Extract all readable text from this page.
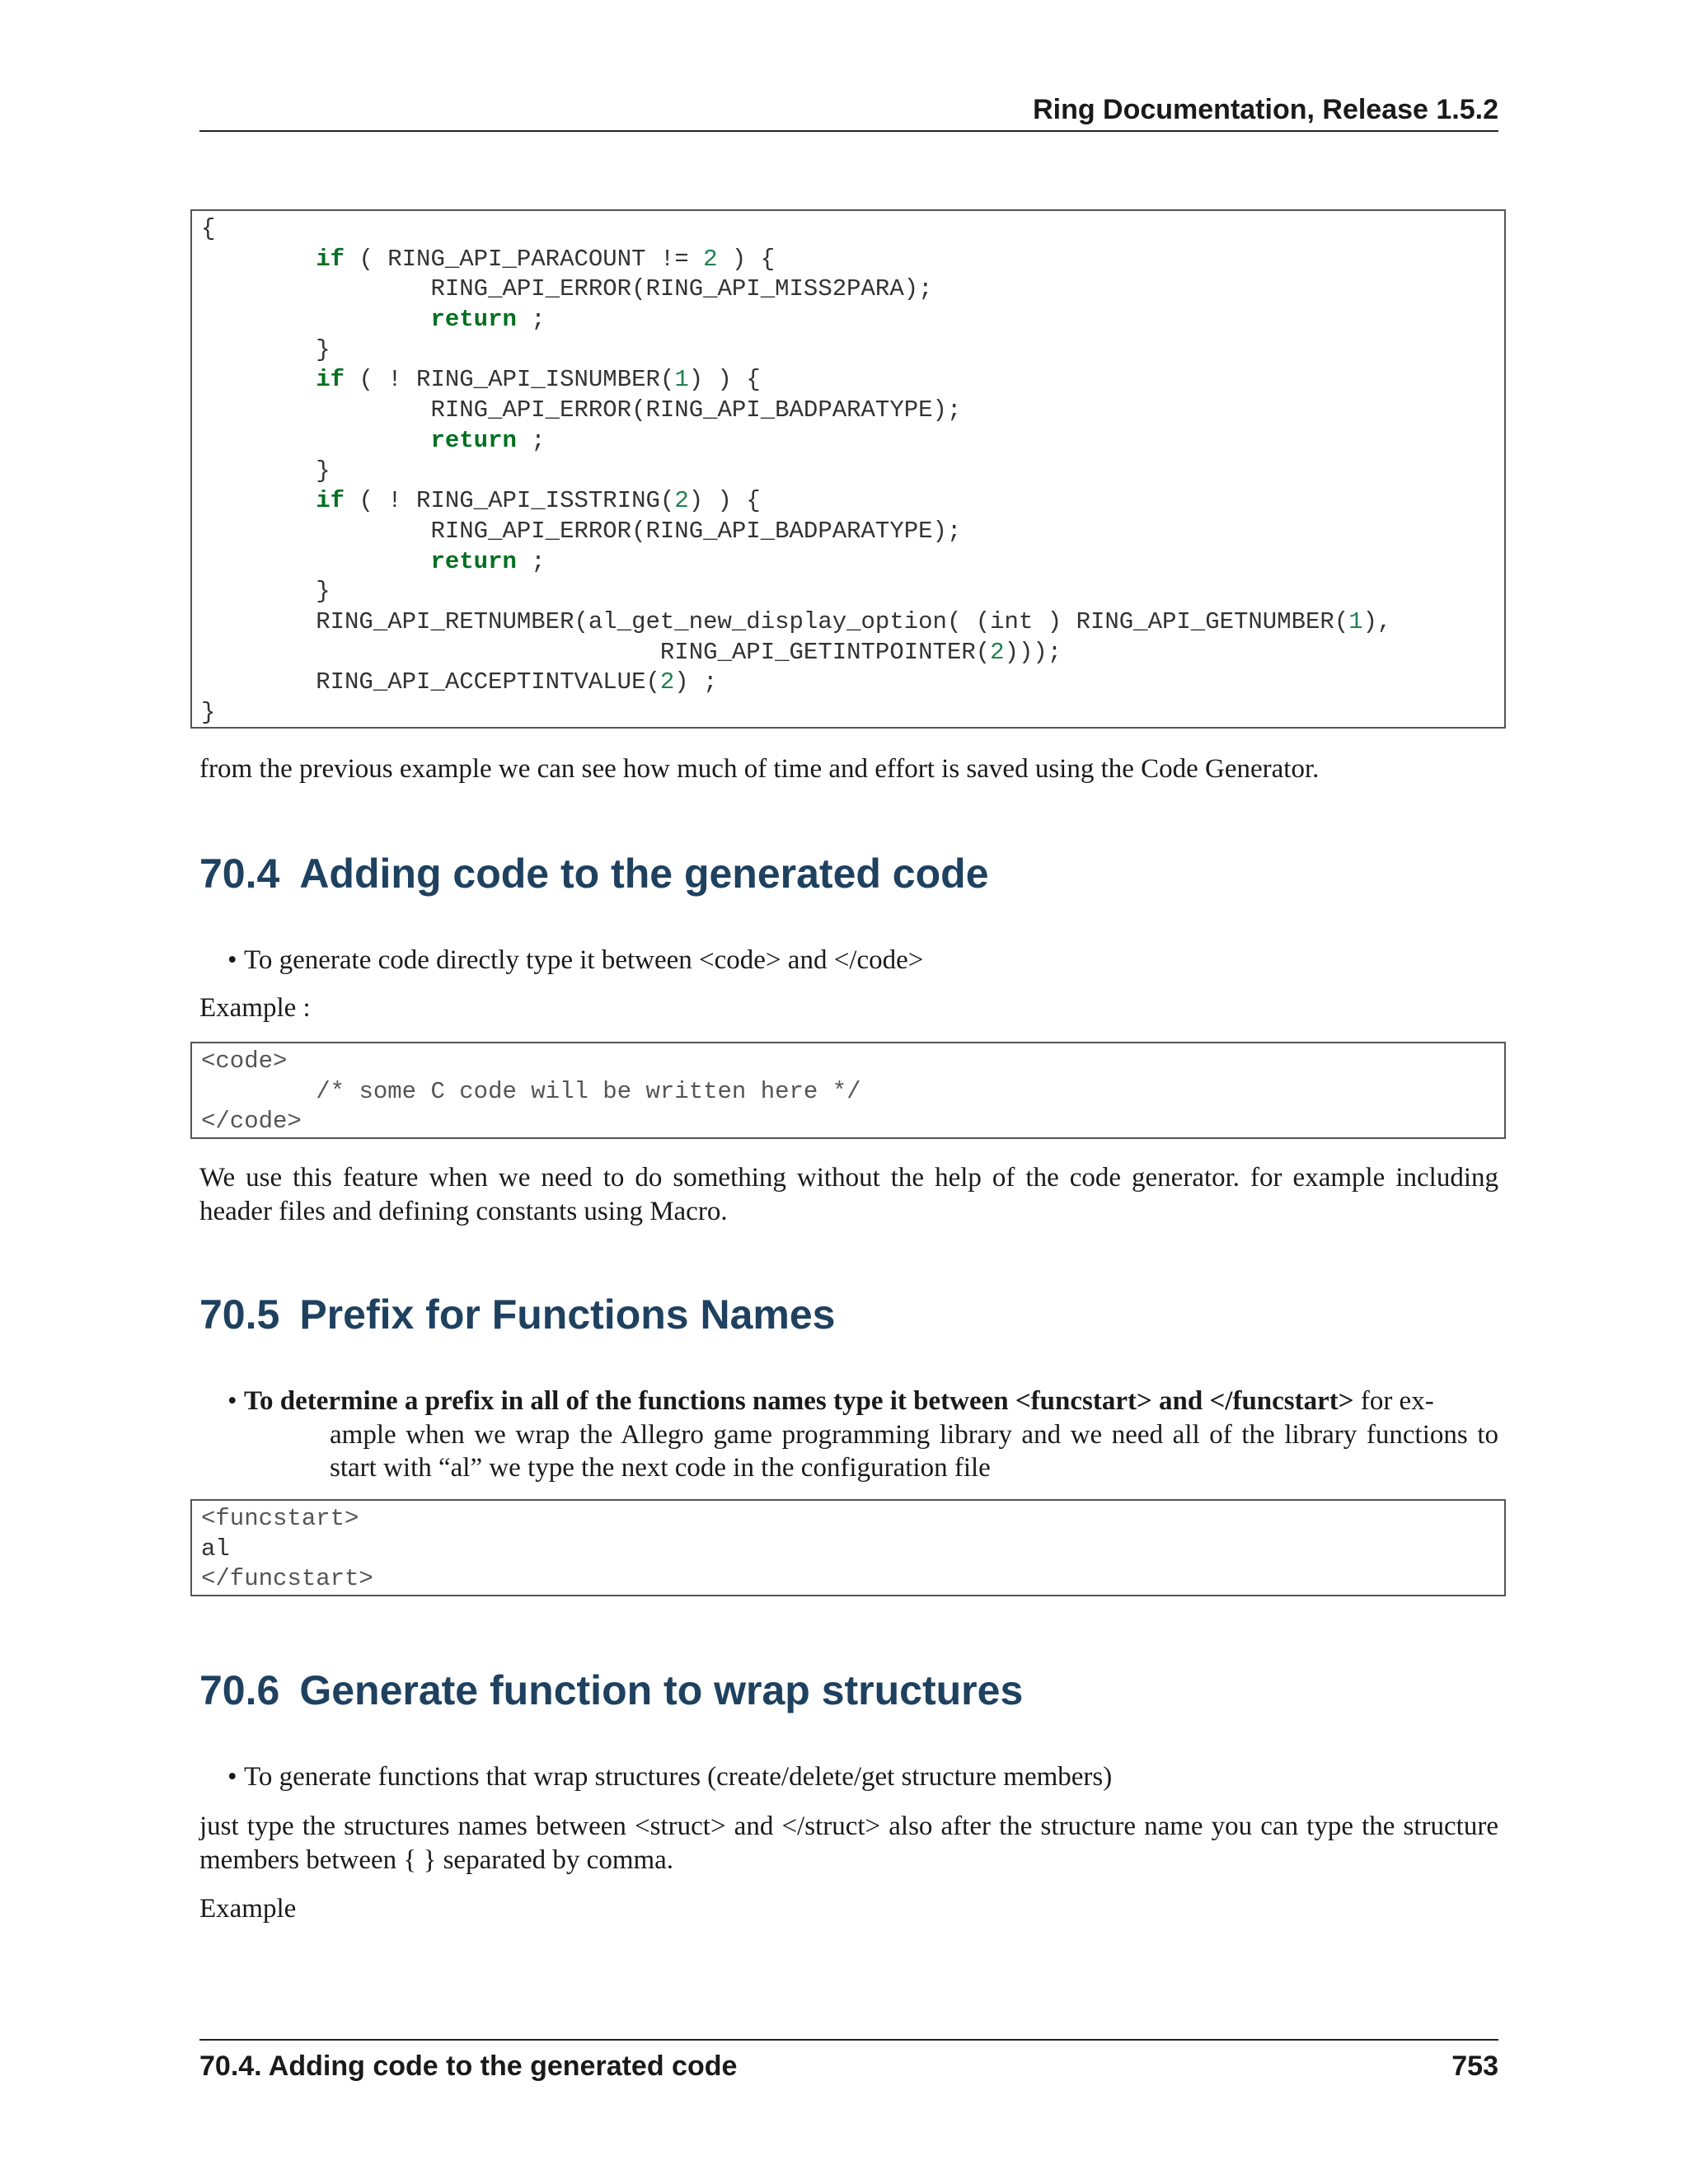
Ring Documentation, Release 1.5.2
{
if ( RING_API_PARACOUNT != 2 ) {
RING_API_ERROR(RING_API_MISS2PARA);
return ;
}
if ( ! RING_API_ISNUMBER(1) ) {
RING_API_ERROR(RING_API_BADPARATYPE);
return ;
}
if ( ! RING_API_ISSTRING(2) ) {
RING_API_ERROR(RING_API_BADPARATYPE);
return ;
}
RING_API_RETNUMBER(al_get_new_display_option( (int ) RING_API_GETNUMBER(1),
RING_API_GETINTPOINTER(2)));
RING_API_ACCEPTINTVALUE(2) ;
}
from the previous example we can see how much of time and effort is saved using the Code Generator.
70.4 Adding code to the generated code
• To generate code directly type it between <code> and </code>
Example :
<code>
/* some C code will be written here */
</code>
We use this feature when we need to do something without the help of the code generator. for example including header files and defining constants using Macro.
70.5 Prefix for Functions Names
• To determine a prefix in all of the functions names type it between <funcstart> and </funcstart> for ex-
ample when we wrap the Allegro game programming library and we need all of the library functions to start with “al” we type the next code in the configuration file
<funcstart>
al
</funcstart>
70.6 Generate function to wrap structures
• To generate functions that wrap structures (create/delete/get structure members)
just type the structures names between <struct> and </struct> also after the structure name you can type the structure members between { } separated by comma.
Example
70.4. Adding code to the generated code	753
